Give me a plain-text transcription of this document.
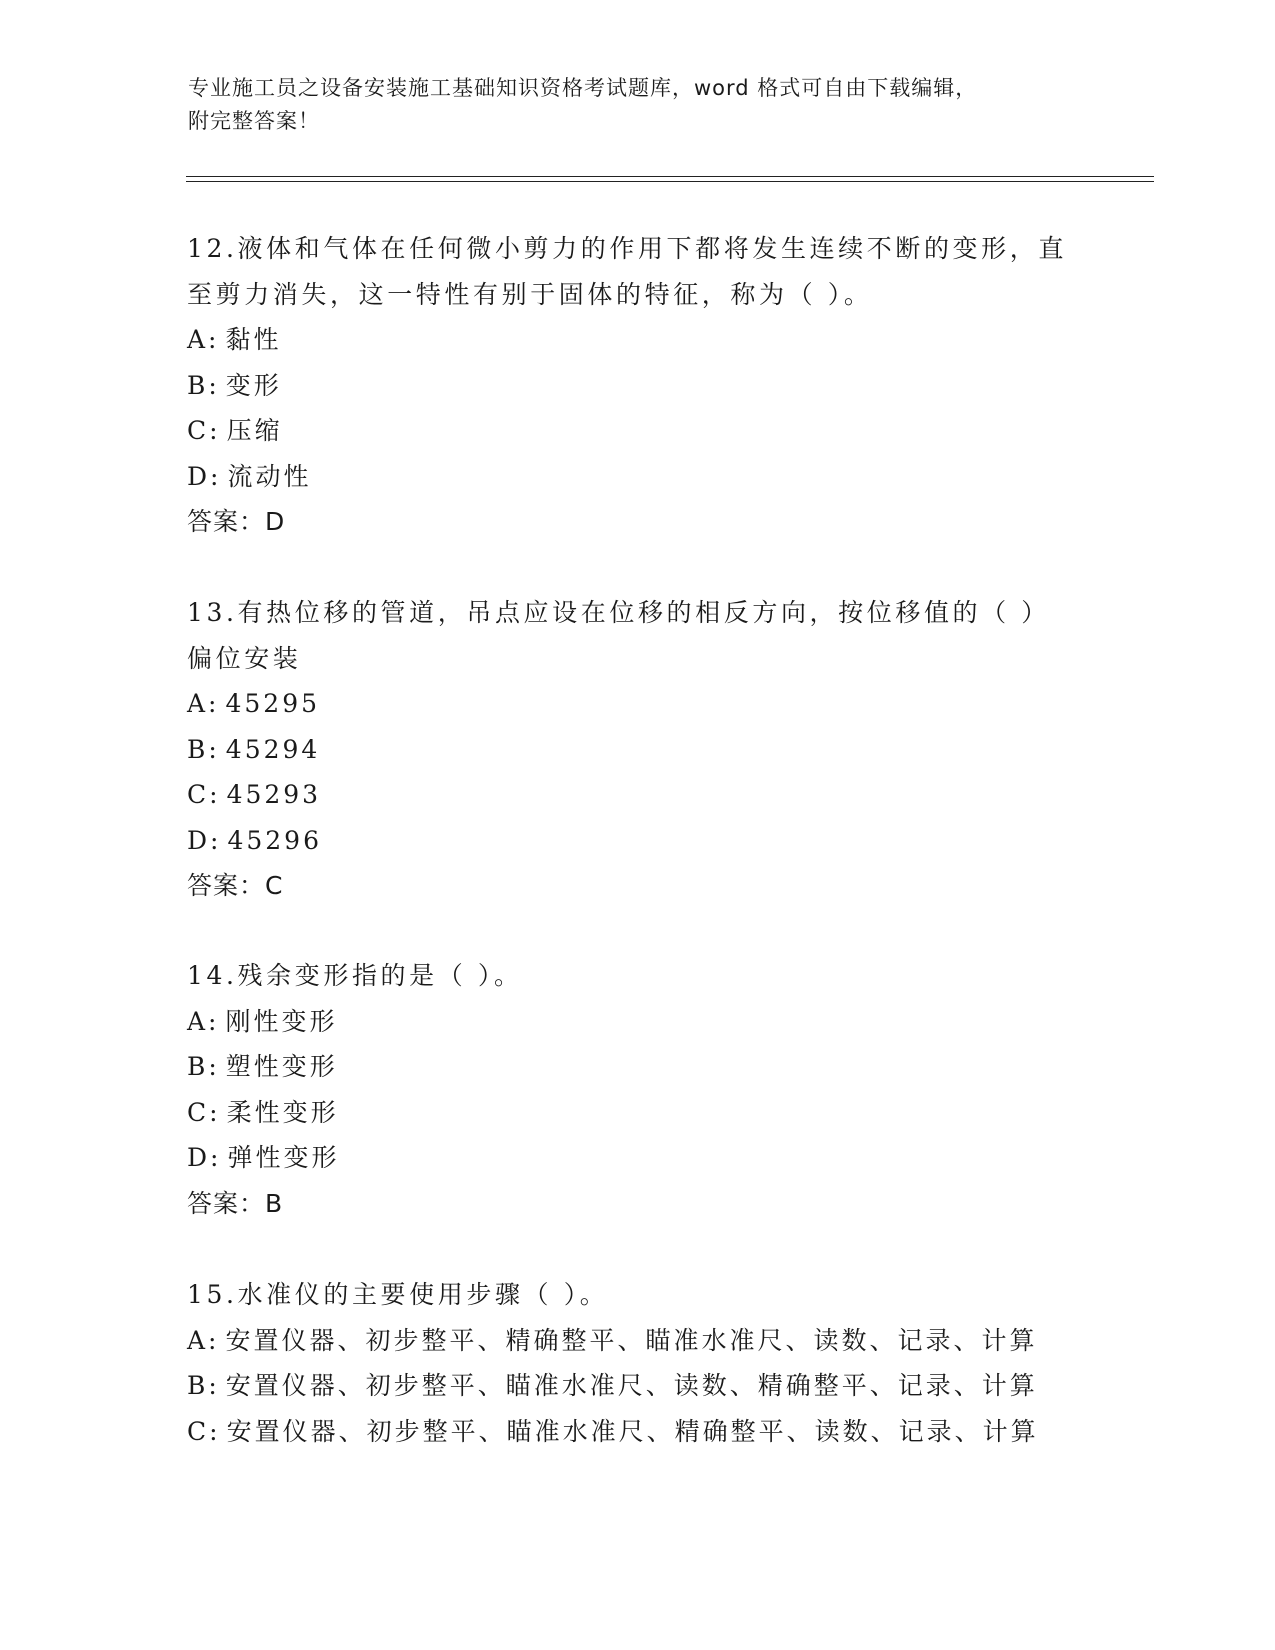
专业施工员之设备安装施工基础知识资格考试题库，word 格式可自由下载编辑，
附完整答案！
12.液体和气体在任何微小剪力的作用下都将发生连续不断的变形，直
至剪力消失，这一特性有别于固体的特征，称为（ ）。
A: 黏性
B: 变形
C: 压缩
D: 流动性
答案：D
13.有热位移的管道，吊点应设在位移的相反方向，按位移值的（ ）
偏位安装
A: 45295
B: 45294
C: 45293
D: 45296
答案：C
14.残余变形指的是（ ）。
A: 刚性变形
B: 塑性变形
C: 柔性变形
D: 弹性变形
答案：B
15.水准仪的主要使用步骤（ ）。
A: 安置仪器、初步整平、精确整平、瞄准水准尺、读数、记录、计算
B: 安置仪器、初步整平、瞄准水准尺、读数、精确整平、记录、计算
C: 安置仪器、初步整平、瞄准水准尺、精确整平、读数、记录、计算
